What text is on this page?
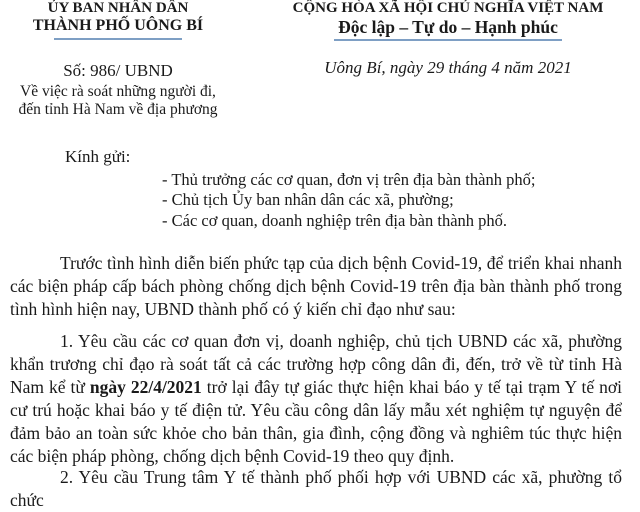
ỦY BAN NHÂN DÂN
THÀNH PHỐ UÔNG BÍ
Số: 986/ UBND
Về việc rà soát những người đi,
đến tỉnh Hà Nam về địa phương
CỘNG HÒA XÃ HỘI CHỦ NGHĨA VIỆT NAM
Độc lập – Tự do – Hạnh phúc
Uông Bí, ngày 29 tháng 4 năm 2021
Kính gửi:
- Thủ trưởng các cơ quan, đơn vị trên địa bàn thành phố;
- Chủ tịch Ủy ban nhân dân các xã, phường;
- Các cơ quan, doanh nghiệp trên địa bàn thành phố.

Trước tình hình diễn biến phức tạp của dịch bệnh Covid-19, để triển khai nhanh các biện pháp cấp bách phòng chống dịch bệnh Covid-19 trên địa bàn thành phố trong tình hình hiện nay, UBND thành phố có ý kiến chỉ đạo như sau:

1. Yêu cầu các cơ quan đơn vị, doanh nghiệp, chủ tịch UBND các xã, phường khẩn trương chỉ đạo rà soát tất cả các trường hợp công dân đi, đến, trở về từ tỉnh Hà Nam kể từ ngày 22/4/2021 trở lại đây tự giác thực hiện khai báo y tế tại trạm Y tế nơi cư trú hoặc khai báo y tế điện tử. Yêu cầu công dân lấy mẫu xét nghiệm tự nguyện để đảm bảo an toàn sức khỏe cho bản thân, gia đình, cộng đồng và nghiêm túc thực hiện các biện pháp phòng, chống dịch bệnh Covid-19 theo quy định.

2. Yêu cầu Trung tâm Y tế thành phố phối hợp với UBND các xã, phường tổ chức
